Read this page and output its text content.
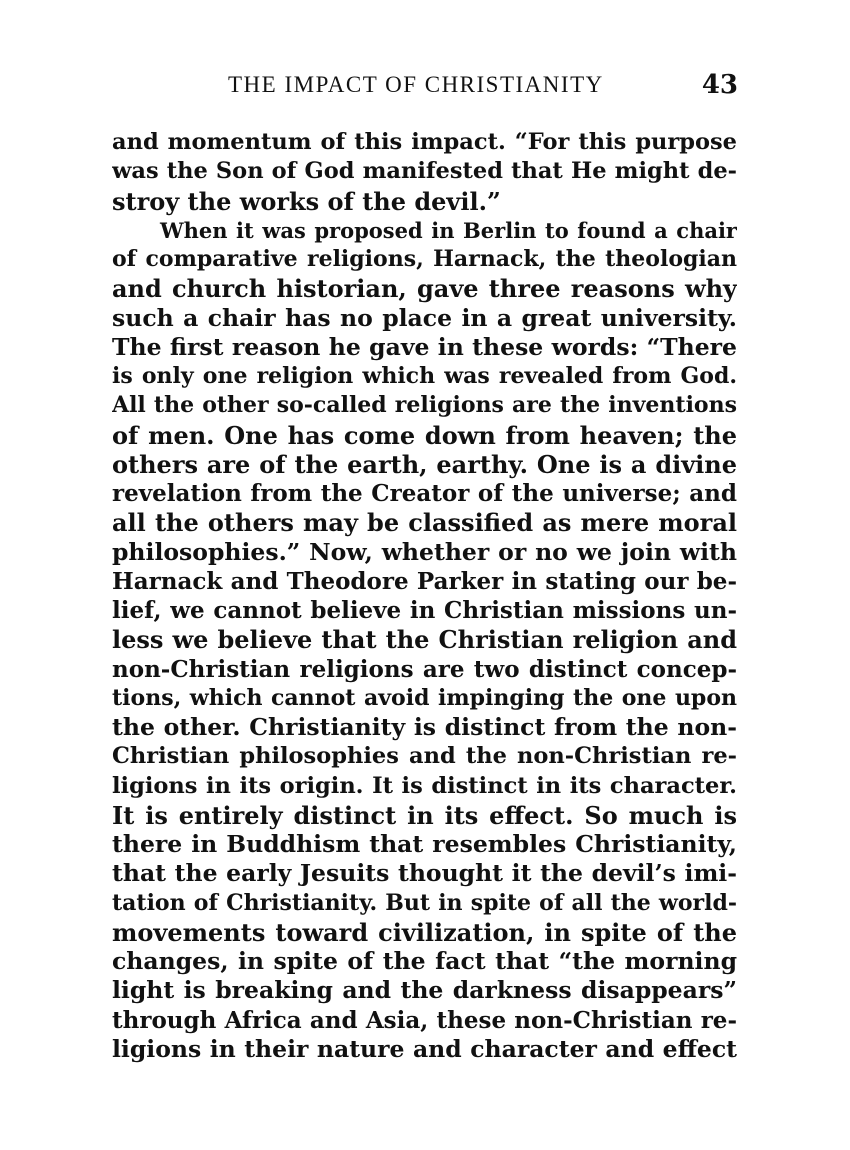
THE IMPACT OF CHRISTIANITY	43
and momentum of this impact. “For this purpose
was the Son of God manifested that He might de-
stroy the works of the devil.”
When it was proposed in Berlin to found a chair
of comparative religions, Harnack, the theologian
and church historian, gave three reasons why
such a chair has no place in a great university.
The first reason he gave in these words: “There
is only one religion which was revealed from God.
All the other so-called religions are the inventions
of men. One has come down from heaven; the
others are of the earth, earthy. One is a divine
revelation from the Creator of the universe; and
all the others may be classified as mere moral
philosophies.” Now, whether or no we join with
Harnack and Theodore Parker in stating our be-
lief, we cannot believe in Christian missions un-
less we believe that the Christian religion and
non-Christian religions are two distinct concep-
tions, which cannot avoid impinging the one upon
the other. Christianity is distinct from the non-
Christian philosophies and the non-Christian re-
ligions in its origin. It is distinct in its character.
It is entirely distinct in its effect. So much is
there in Buddhism that resembles Christianity,
that the early Jesuits thought it the devil’s imi-
tation of Christianity. But in spite of all the world-
movements toward civilization, in spite of the
changes, in spite of the fact that “the morning
light is breaking and the darkness disappears”
through Africa and Asia, these non-Christian re-
ligions in their nature and character and effect
